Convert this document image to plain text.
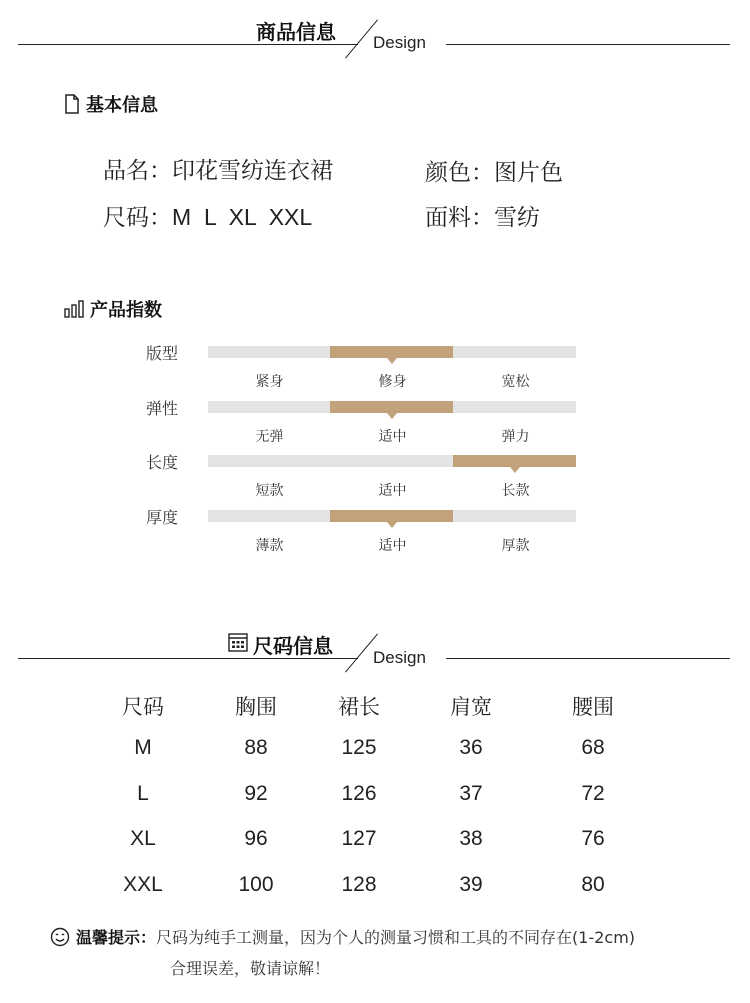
商品信息 Design
基本信息
品名：印花雪纺连衣裙	颜色：图片色
尺码：M  L  XL  XXL	面料：雪纺
产品指数
版型
紧身	修身	宽松
弹性
无弹	适中	弹力
长度
短款	适中	长款
厚度
薄款	适中	厚款
尺码信息 Design
尺码	胸围	裙长	肩宽	腰围
M	88	125	36	68
L	92	126	37	72
XL	96	127	38	76
XXL	100	128	39	80
温馨提示：尺码为纯手工测量，因为个人的测量习惯和工具的不同存在(1-2cm)
合理误差，敬请谅解！
